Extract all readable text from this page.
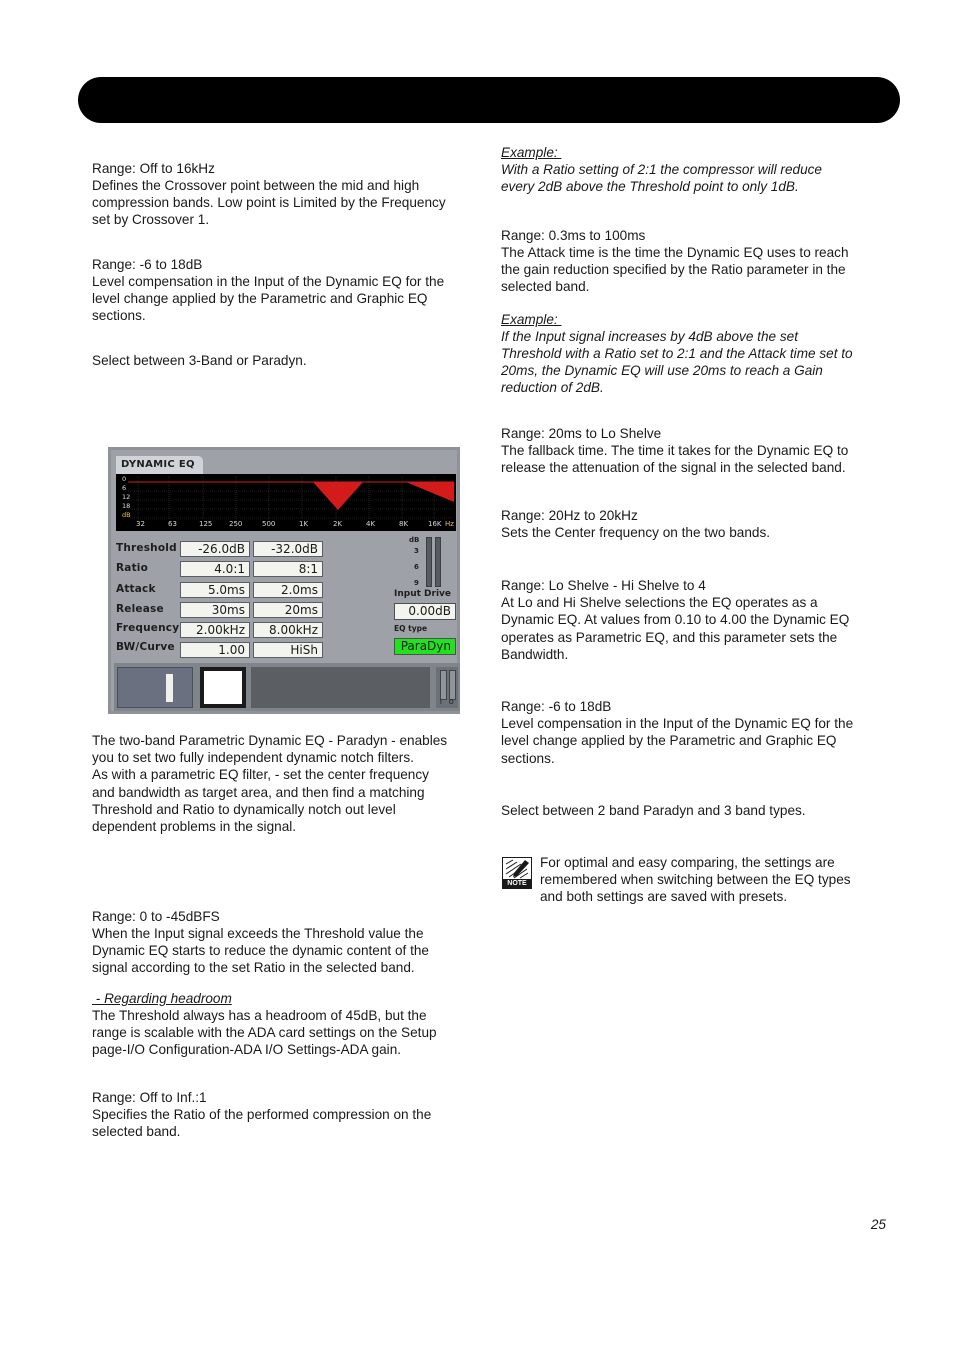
Range: Off to 16kHz

Defines the Crossover point between the mid and high

compression bands. Low point is Limited by the Frequency

set by Crossover 1.

Range: -6 to 18dB

Level compensation in the Input of the Dynamic EQ for the

level change applied by the Parametric and Graphic EQ

sections.

Select between 3-Band or Paradyn.

DYNAMIC EQ
0
6
12
18
dB
32	63	125 250	500	1K	2K	4K	8K	16K Hz
Threshold	-26.0dB	-32.0dB
Ratio	4.0:1	8:1
Attack	5.0ms	2.0ms
Release	30ms	20ms
Frequency	2.00kHz	8.00kHz
BW/Curve	1.00	HiSh
dB
3
6
9
Input Drive
0.00dB
EQ type
ParaDyn
I O

The two-band Parametric Dynamic EQ - Paradyn - enables

you to set two fully independent dynamic notch filters.

As with a parametric EQ filter, - set the center frequency

and bandwidth as target area, and then find a matching

Threshold and Ratio to dynamically notch out level

dependent problems in the signal.

Range: 0 to -45dBFS

When the Input signal exceeds the Threshold value the

Dynamic EQ starts to reduce the dynamic content of the

signal according to the set Ratio in the selected band.

- Regarding headroom

The Threshold always has a headroom of 45dB, but the

range is scalable with the ADA card settings on the Setup

page-I/O Configuration-ADA I/O Settings-ADA gain.

Range: Off to Inf.:1

Specifies the Ratio of the performed compression on the

selected band.

Example:

With a Ratio setting of 2:1 the compressor will reduce

every 2dB above the Threshold point to only 1dB.

Range: 0.3ms to 100ms

The Attack time is the time the Dynamic EQ uses to reach

the gain reduction specified by the Ratio parameter in the

selected band.

Example:

If the Input signal increases by 4dB above the set

Threshold with a Ratio set to 2:1 and the Attack time set to

20ms, the Dynamic EQ will use 20ms to reach a Gain

reduction of 2dB.

Range: 20ms to Lo Shelve

The fallback time. The time it takes for the Dynamic EQ to

release the attenuation of the signal in the selected band.

Range: 20Hz to 20kHz

Sets the Center frequency on the two bands.

Range: Lo Shelve - Hi Shelve to 4

At Lo and Hi Shelve selections the EQ operates as a

Dynamic EQ. At values from 0.10 to 4.00 the Dynamic EQ

operates as Parametric EQ, and this parameter sets the

Bandwidth.

Range: -6 to 18dB

Level compensation in the Input of the Dynamic EQ for the

level change applied by the Parametric and Graphic EQ

sections.

Select between 2 band Paradyn and 3 band types.

NOTE

For optimal and easy comparing, the settings are

remembered when switching between the EQ types

and both settings are saved with presets.

25
